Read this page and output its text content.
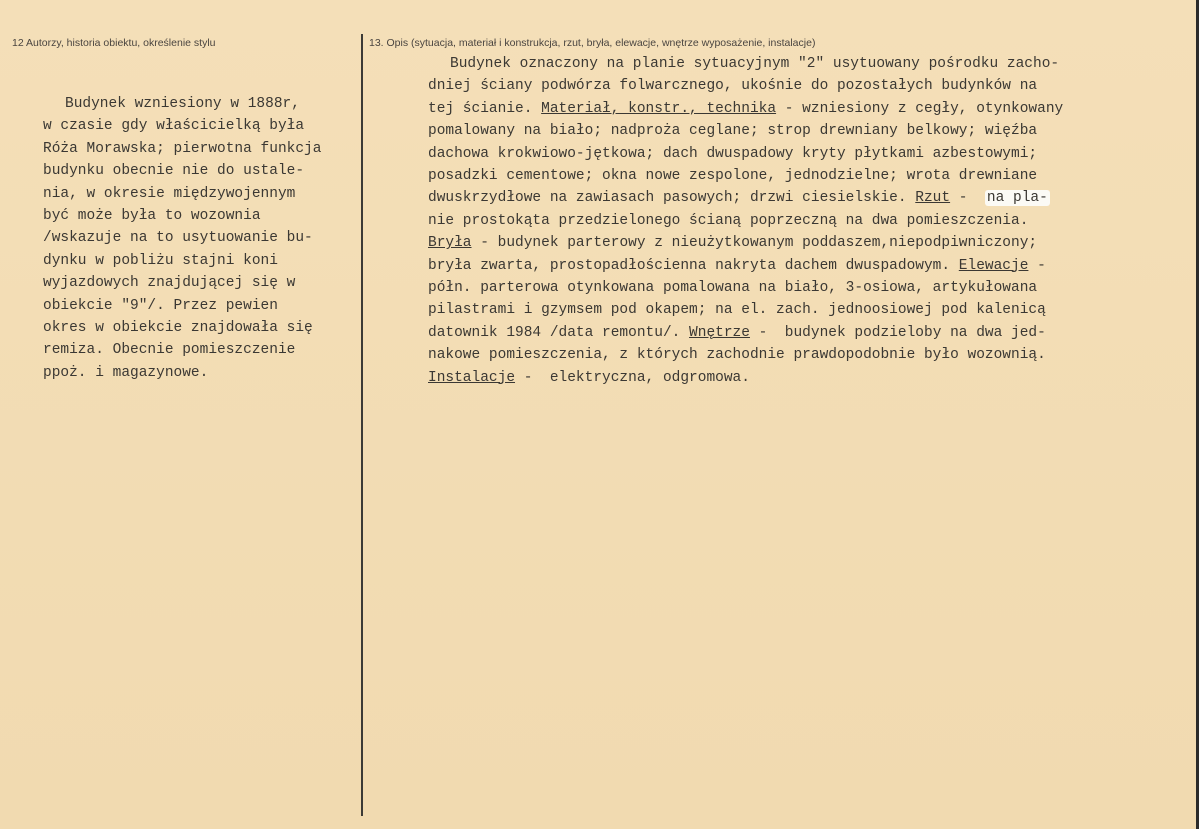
12 Autorzy, historia obiektu, określenie stylu	13. Opis (sytuacja, materiał i konstrukcja, rzut, bryła, elewacje, wnętrze wyposażenie, instalacje)
Budynek wzniesiony w 1888r,
w czasie gdy właścicielką była
Róża Morawska; pierwotna funkcja
budynku obecnie nie do ustale-
nia, w okresie międzywojennym
być może była to wozownia
/wskazuje na to usytuowanie bu-
dynku w pobliżu stajni koni
wyjazdowych znajdującej się w
obiekcie "9"/. Przez pewien
okres w obiekcie znajdowała się
remiza. Obecnie pomieszczenie
ppoż. i magazynowe.
Budynek oznaczony na planie sytuacyjnym "2" usytuowany pośrodku zacho-
dniej ściany podwórza folwarcznego, ukośnie do pozostałych budynków na
tej ścianie. Materiał, konstr., technika - wzniesiony z cegły, otynkowany
pomalowany na biało; nadproża ceglane; strop drewniany belkowy; więźba
dachowa krokwiowo-jętkowa; dach dwuspadowy kryty płytkami azbestowymi;
posadzki cementowe; okna nowe zespolone, jednodzielne; wrota drewniane
dwuskrzydłowe na zawiasach pasowych; drzwi ciesielskie. Rzut -  na pla-
nie prostokąta przedzielonego ścianą poprzeczną na dwa pomieszczenia.
Bryła - budynek parterowy z nieużytkowanym poddaszem,niepodpiwniczony;
bryła zwarta, prostopadłościenna nakryta dachem dwuspadowym. Elewacje -
półn. parterowa otynkowana pomalowana na biało, 3-osiowa, artykułowana
pilastrami i gzymsem pod okapem; na el. zach. jednoosiowej pod kalenicą
datownik 1984 /data remontu/. Wnętrze -  budynek podzieloby na dwa jed-
nakowe pomieszczenia, z których zachodnie prawdopodobnie było wozownią.
Instalacje -  elektryczna, odgromowa.
